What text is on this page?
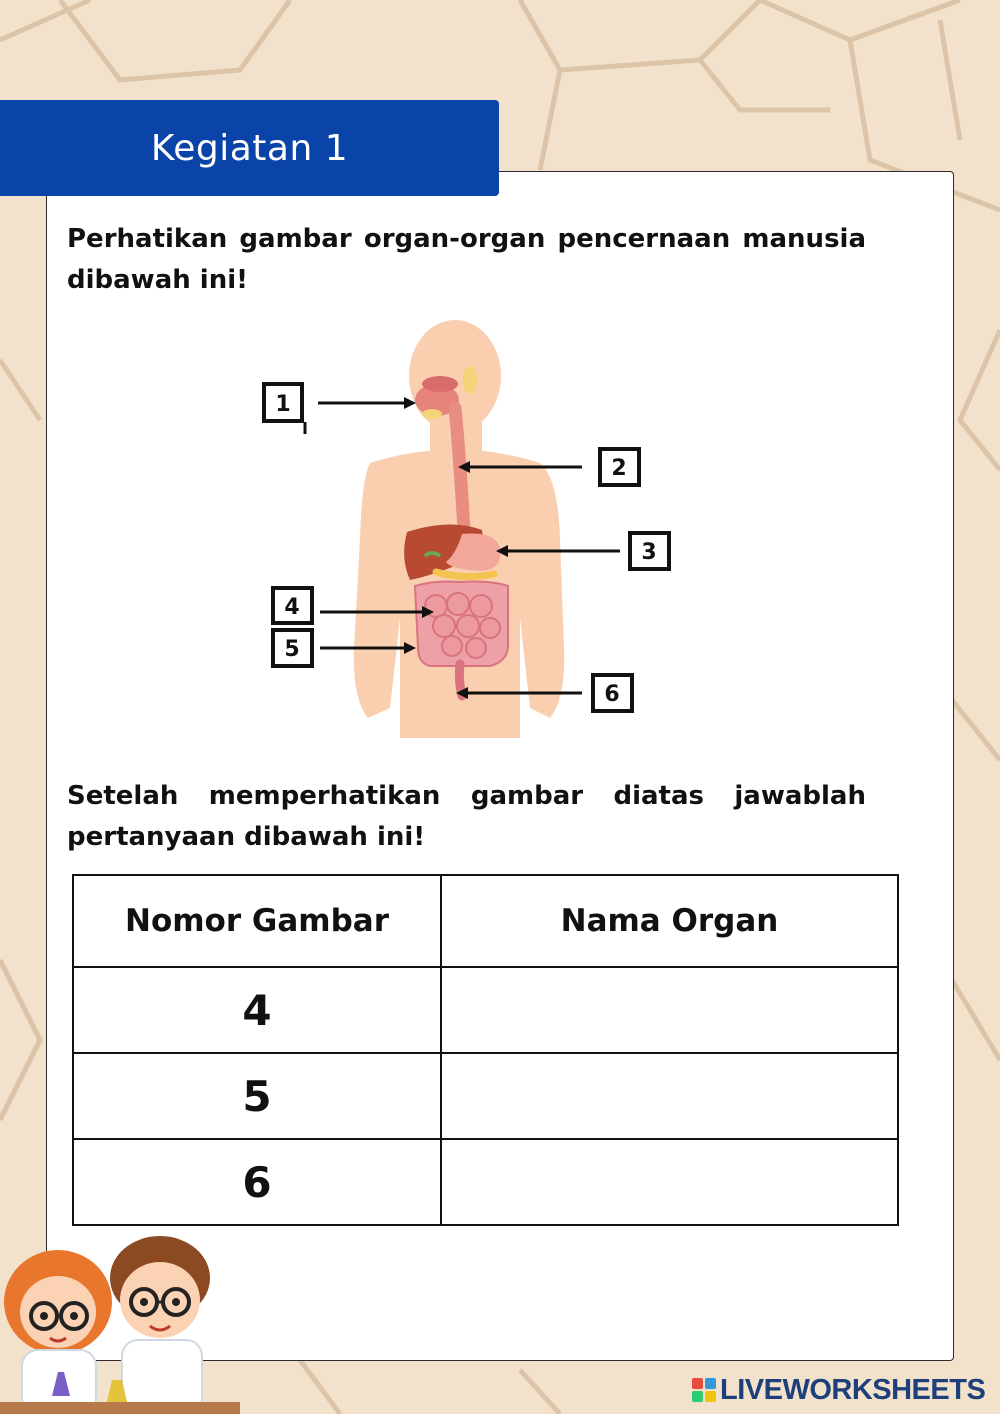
Kegiatan 1

Perhatikan gambar organ-organ pencernaan manusia dibawah ini!

1
2
3
4
5
6

Setelah memperhatikan gambar diatas jawablah pertanyaan dibawah ini!

Nomor Gambar	Nama Organ
4	
5	
6	
LIVEWORKSHEETS
